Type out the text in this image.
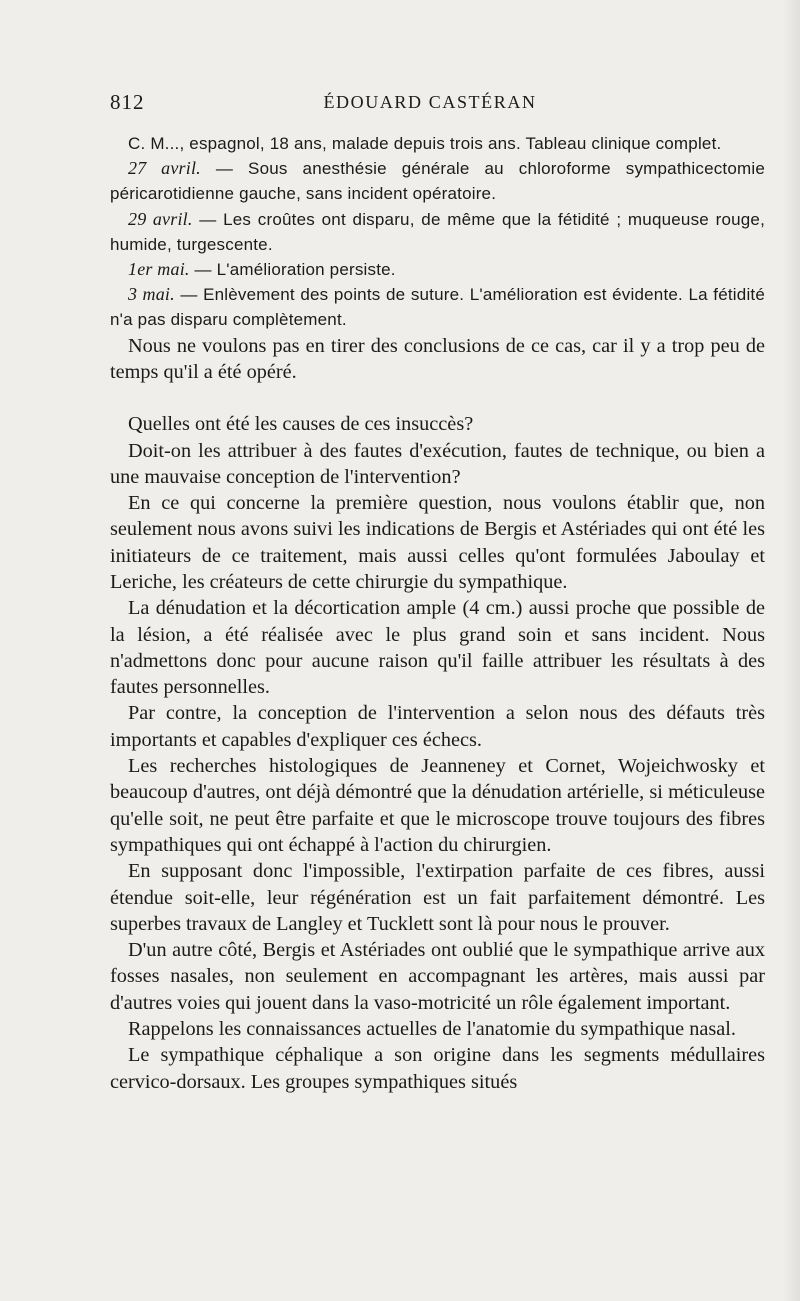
812	ÉDOUARD CASTÉRAN

C. M..., espagnol, 18 ans, malade depuis trois ans. Tableau clinique complet.

27 avril. — Sous anesthésie générale au chloroforme sympathicectomie péricarotidienne gauche, sans incident opératoire.

29 avril. — Les croûtes ont disparu, de même que la fétidité ; muqueuse rouge, humide, turgescente.

1er mai. — L'amélioration persiste.

3 mai. — Enlèvement des points de suture. L'amélioration est évidente. La fétidité n'a pas disparu complètement.

Nous ne voulons pas en tirer des conclusions de ce cas, car il y a trop peu de temps qu'il a été opéré.

Quelles ont été les causes de ces insuccès?

Doit-on les attribuer à des fautes d'exécution, fautes de technique, ou bien a une mauvaise conception de l'intervention?

En ce qui concerne la première question, nous voulons établir que, non seulement nous avons suivi les indications de Bergis et Astériades qui ont été les initiateurs de ce traitement, mais aussi celles qu'ont formulées Jaboulay et Leriche, les créateurs de cette chirurgie du sympathique.

La dénudation et la décortication ample (4 cm.) aussi proche que possible de la lésion, a été réalisée avec le plus grand soin et sans incident. Nous n'admettons donc pour aucune raison qu'il faille attribuer les résultats à des fautes personnelles.

Par contre, la conception de l'intervention a selon nous des défauts très importants et capables d'expliquer ces échecs.

Les recherches histologiques de Jeanneney et Cornet, Wojeichwosky et beaucoup d'autres, ont déjà démontré que la dénudation artérielle, si méticuleuse qu'elle soit, ne peut être parfaite et que le microscope trouve toujours des fibres sympathiques qui ont échappé à l'action du chirurgien.

En supposant donc l'impossible, l'extirpation parfaite de ces fibres, aussi étendue soit-elle, leur régénération est un fait parfaitement démontré. Les superbes travaux de Langley et Tucklett sont là pour nous le prouver.

D'un autre côté, Bergis et Astériades ont oublié que le sympathique arrive aux fosses nasales, non seulement en accompagnant les artères, mais aussi par d'autres voies qui jouent dans la vaso-motricité un rôle également important.

Rappelons les connaissances actuelles de l'anatomie du sympathique nasal.

Le sympathique céphalique a son origine dans les segments médullaires cervico-dorsaux. Les groupes sympathiques situés
